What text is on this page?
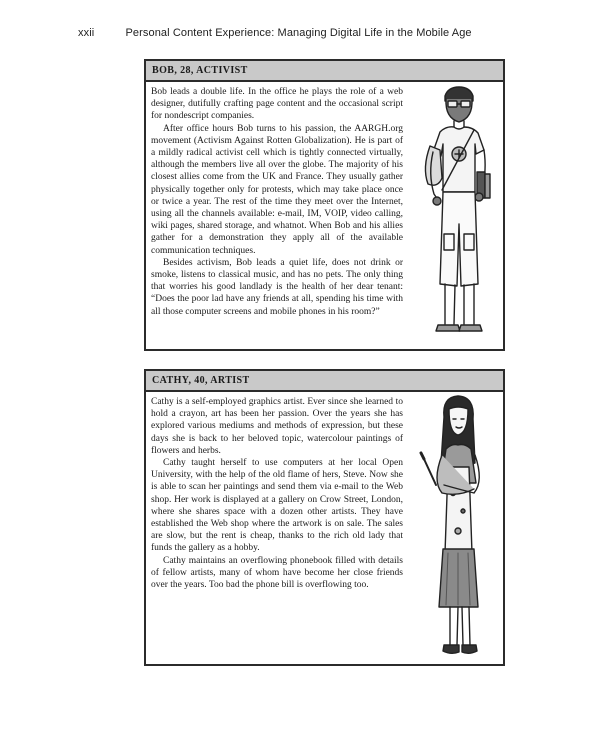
xxii	Personal Content Experience: Managing Digital Life in the Mobile Age
BOB, 28, ACTIVIST

Bob leads a double life. In the office he plays the role of a web designer, dutifully crafting page content and the occasional script for nondescript companies.

After office hours Bob turns to his passion, the AARGH.org movement (Activism Against Rotten Globalization). He is part of a mildly radical activist cell which is tightly connected virtually, although the members live all over the globe. The majority of his closest allies come from the UK and France. They usually gather physically together only for protests, which may take place once or twice a year. The rest of the time they meet over the Internet, using all the channels available: e-mail, IM, VOIP, video calling, wiki pages, shared storage, and whatnot. When Bob and his allies gather for a demonstration they apply all of the available communication techniques.

Besides activism, Bob leads a quiet life, does not drink or smoke, listens to classical music, and has no pets. The only thing that worries his good landlady is the health of her dear tenant: “Does the poor lad have any friends at all, spending his time with all those computer screens and mobile phones in his room?”

CATHY, 40, ARTIST

Cathy is a self-employed graphics artist. Ever since she learned to hold a crayon, art has been her passion. Over the years she has explored various mediums and methods of expression, but these days she is back to her beloved topic, watercolour paintings of flowers and herbs.

Cathy taught herself to use computers at her local Open University, with the help of the old flame of hers, Steve. Now she is able to scan her paintings and send them via e-mail to the Web shop. Her work is displayed at a gallery on Crow Street, London, where she shares space with a dozen other artists. They have established the Web shop where the artwork is on sale. The sales are slow, but the rent is cheap, thanks to the rich old lady that funds the gallery as a hobby.

Cathy maintains an overflowing phonebook filled with details of fellow artists, many of whom have become her close friends over the years. Too bad the phone bill is overflowing too.
